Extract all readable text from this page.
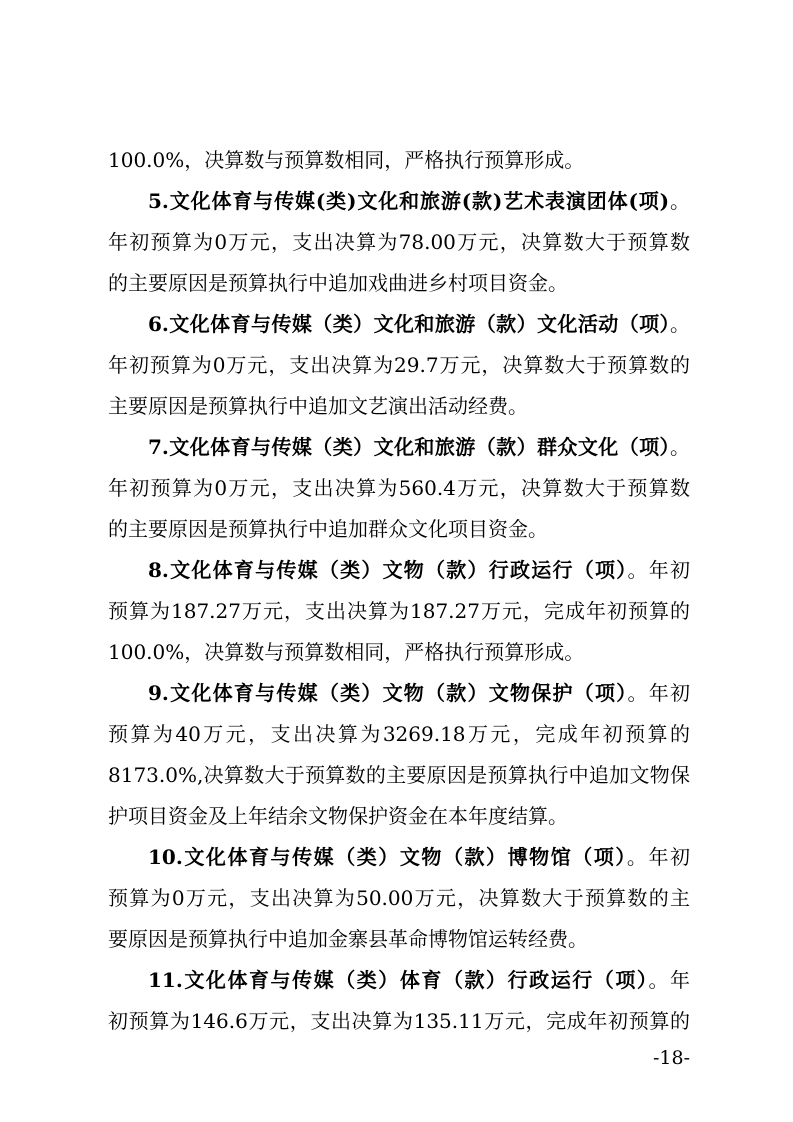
100.0%，决算数与预算数相同，严格执行预算形成。
5.文化体育与传媒(类)文化和旅游(款)艺术表演团体(项)。
年初预算为0万元，支出决算为78.00万元，决算数大于预算数
的主要原因是预算执行中追加戏曲进乡村项目资金。
6.文化体育与传媒（类）文化和旅游（款）文化活动（项）。
年初预算为0万元，支出决算为29.7万元，决算数大于预算数的
主要原因是预算执行中追加文艺演出活动经费。
7.文化体育与传媒（类）文化和旅游（款）群众文化（项）。
年初预算为0万元，支出决算为560.4万元，决算数大于预算数
的主要原因是预算执行中追加群众文化项目资金。
8.文化体育与传媒（类）文物（款）行政运行（项）。年初
预算为187.27万元，支出决算为187.27万元，完成年初预算的
100.0%，决算数与预算数相同，严格执行预算形成。
9.文化体育与传媒（类）文物（款）文物保护（项）。年初
预算为40万元，支出决算为3269.18万元，完成年初预算的
8173.0%,决算数大于预算数的主要原因是预算执行中追加文物保
护项目资金及上年结余文物保护资金在本年度结算。
10.文化体育与传媒（类）文物（款）博物馆（项）。年初
预算为0万元，支出决算为50.00万元，决算数大于预算数的主
要原因是预算执行中追加金寨县革命博物馆运转经费。
11.文化体育与传媒（类）体育（款）行政运行（项）。年
初预算为146.6万元，支出决算为135.11万元，完成年初预算的
-18-
